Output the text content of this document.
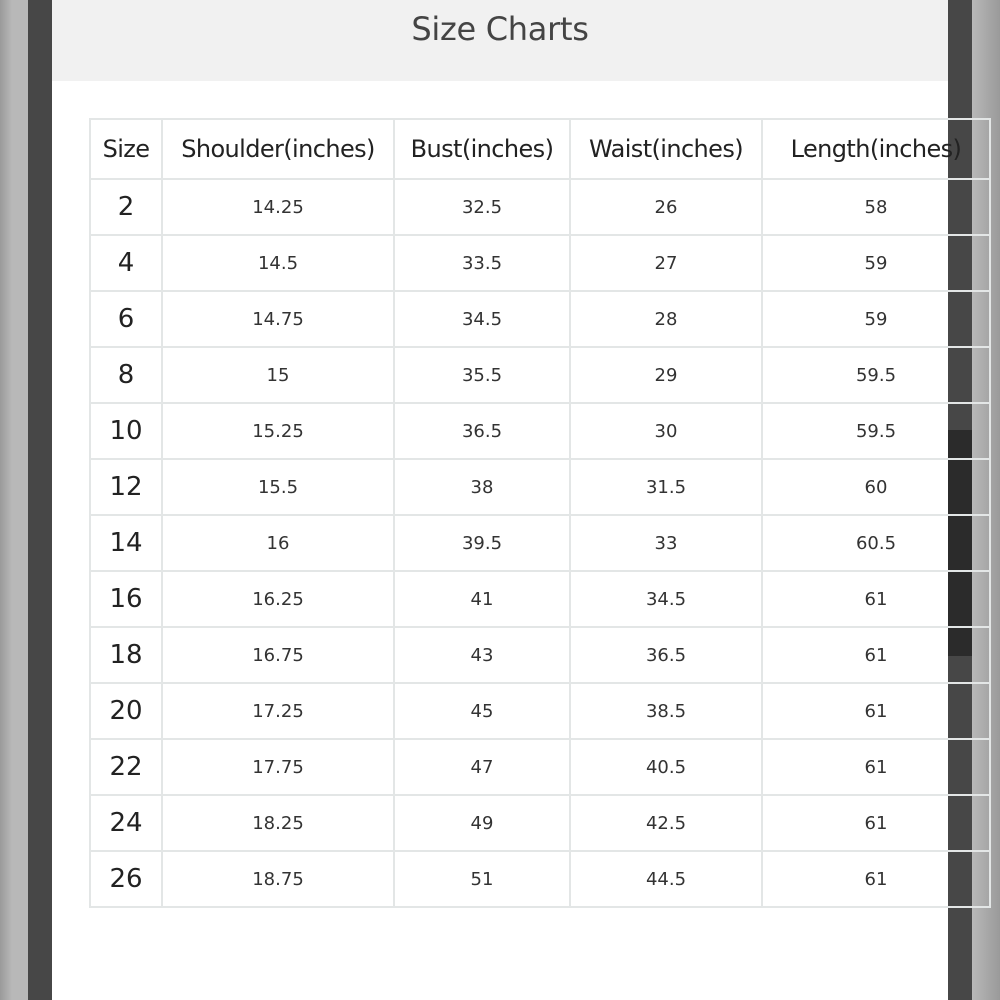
Size Charts
Size	Shoulder(inches)	Bust(inches)	Waist(inches)	Length(inches)
2	14.25	32.5	26	58
4	14.5	33.5	27	59
6	14.75	34.5	28	59
8	15	35.5	29	59.5
10	15.25	36.5	30	59.5
12	15.5	38	31.5	60
14	16	39.5	33	60.5
16	16.25	41	34.5	61
18	16.75	43	36.5	61
20	17.25	45	38.5	61
22	17.75	47	40.5	61
24	18.25	49	42.5	61
26	18.75	51	44.5	61
